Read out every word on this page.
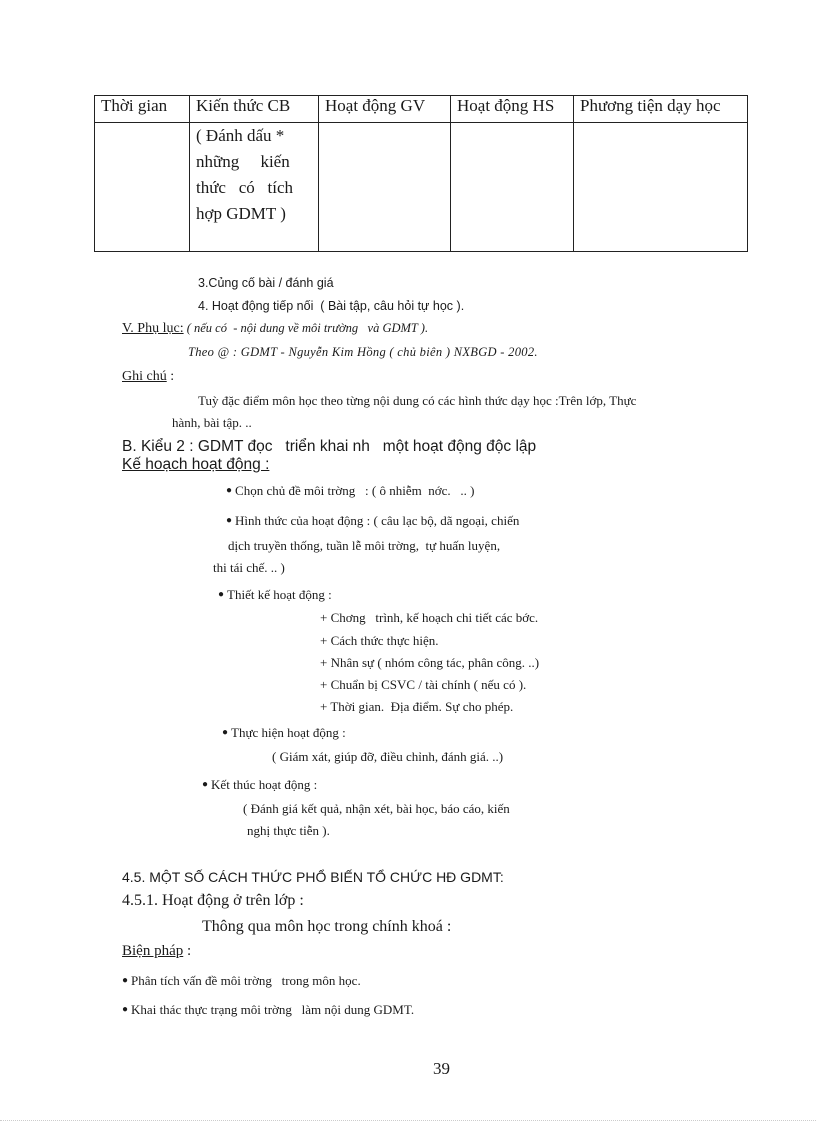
Thời gian	Kiến thức CB	Hoạt động GV	Hoạt động HS	Phương tiện dạy học

	( Đánh dấu *
những     kiến
thức   có   tích
hợp GDMT )			

3.Củng cố bài / đánh giá
4. Hoạt động tiếp nối  ( Bài tập, câu hỏi tự học ).
V. Phụ lục: ( nếu có  - nội dung về môi trường   và GDMT ).
Theo @ : GDMT - Nguyễn Kim Hồng ( chủ biên ) NXBGD - 2002.
Ghi chú :
Tuỳ đặc điểm môn học theo từng nội dung có các hình thức dạy học :Trên lớp, Thực
hành, bài tập. ..
B. Kiểu 2 : GDMT đọc   triển khai nh   một hoạt động độc lập
Kế hoạch hoạt động :
● Chọn chủ đề môi trờng   : ( ô nhiễm  nớc.   .. )
● Hình thức của hoạt động : ( câu lạc bộ, dã ngoại, chiến
dịch truyền thống, tuần lễ môi trờng,  tự huấn luyện,
thi tái chế. .. )
● Thiết kế hoạt động :
+ Chơng   trình, kế hoạch chi tiết các bớc.
+ Cách thức thực hiện.
+ Nhân sự ( nhóm công tác, phân công. ..)
+ Chuẩn bị CSVC / tài chính ( nếu có ).
+ Thời gian.  Địa điểm. Sự cho phép.
● Thực hiện hoạt động :
( Giám xát, giúp đỡ, điều chỉnh, đánh giá. ..)
● Kết thúc hoạt động :
( Đánh giá kết quả, nhận xét, bài học, báo cáo, kiến
nghị thực tiễn ).
4.5. MỘT SỐ CÁCH THỨC PHỔ BIẾN TỔ CHỨC HĐ GDMT:
4.5.1. Hoạt động ở trên lớp :
Thông qua môn học trong chính khoá :
Biện pháp :
● Phân tích vấn đề môi trờng   trong môn học.
● Khai thác thực trạng môi trờng   làm nội dung GDMT.
39
